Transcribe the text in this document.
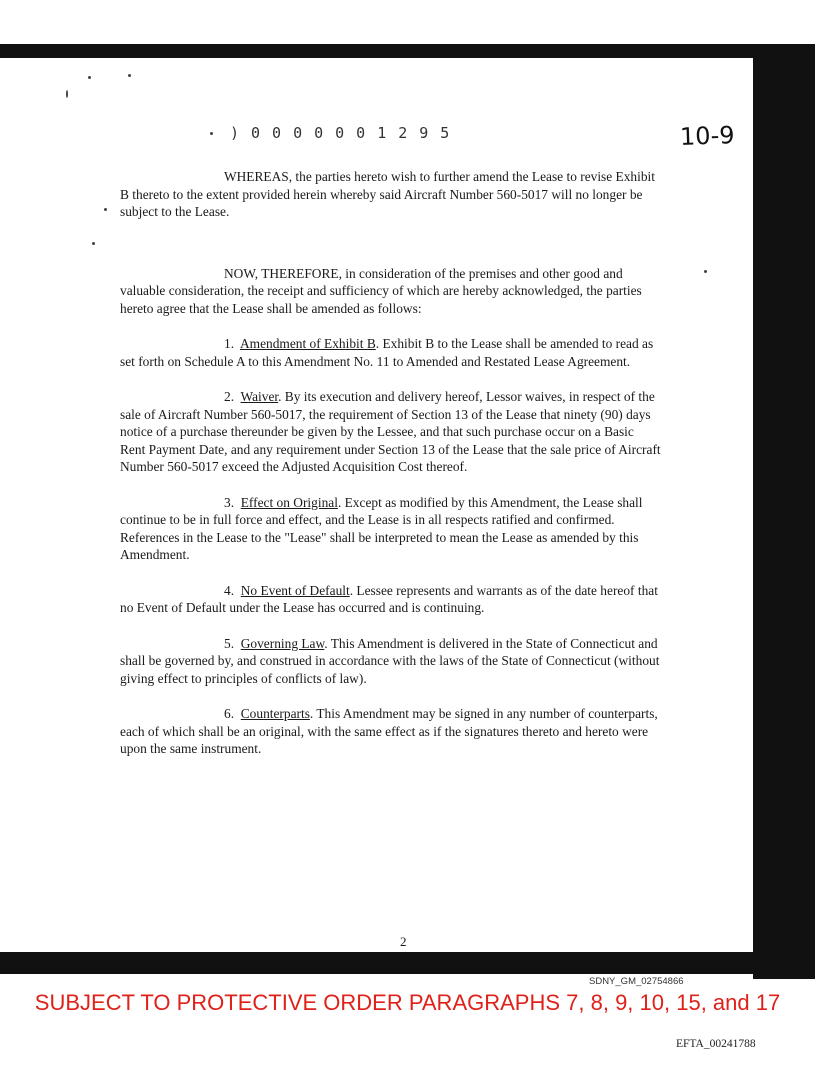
)0000001295	10-9

WHEREAS, the parties hereto wish to further amend the Lease to revise Exhibit B thereto to the extent provided herein whereby said Aircraft Number 560-5017 will no longer be subject to the Lease.

NOW, THEREFORE, in consideration of the premises and other good and valuable consideration, the receipt and sufficiency of which are hereby acknowledged, the parties hereto agree that the Lease shall be amended as follows:

1. Amendment of Exhibit B. Exhibit B to the Lease shall be amended to read as set forth on Schedule A to this Amendment No. 11 to Amended and Restated Lease Agreement.

2. Waiver. By its execution and delivery hereof, Lessor waives, in respect of the sale of Aircraft Number 560-5017, the requirement of Section 13 of the Lease that ninety (90) days notice of a purchase thereunder be given by the Lessee, and that such purchase occur on a Basic Rent Payment Date, and any requirement under Section 13 of the Lease that the sale price of Aircraft Number 560-5017 exceed the Adjusted Acquisition Cost thereof.

3. Effect on Original. Except as modified by this Amendment, the Lease shall continue to be in full force and effect, and the Lease is in all respects ratified and confirmed. References in the Lease to the "Lease" shall be interpreted to mean the Lease as amended by this Amendment.

4. No Event of Default. Lessee represents and warrants as of the date hereof that no Event of Default under the Lease has occurred and is continuing.

5. Governing Law. This Amendment is delivered in the State of Connecticut and shall be governed by, and construed in accordance with the laws of the State of Connecticut (without giving effect to principles of conflicts of law).

6. Counterparts. This Amendment may be signed in any number of counterparts, each of which shall be an original, with the same effect as if the signatures thereto and hereto were upon the same instrument.

2
SDNY_GM_02754866
SUBJECT TO PROTECTIVE ORDER PARAGRAPHS 7, 8, 9, 10, 15, and 17
EFTA_00241788
